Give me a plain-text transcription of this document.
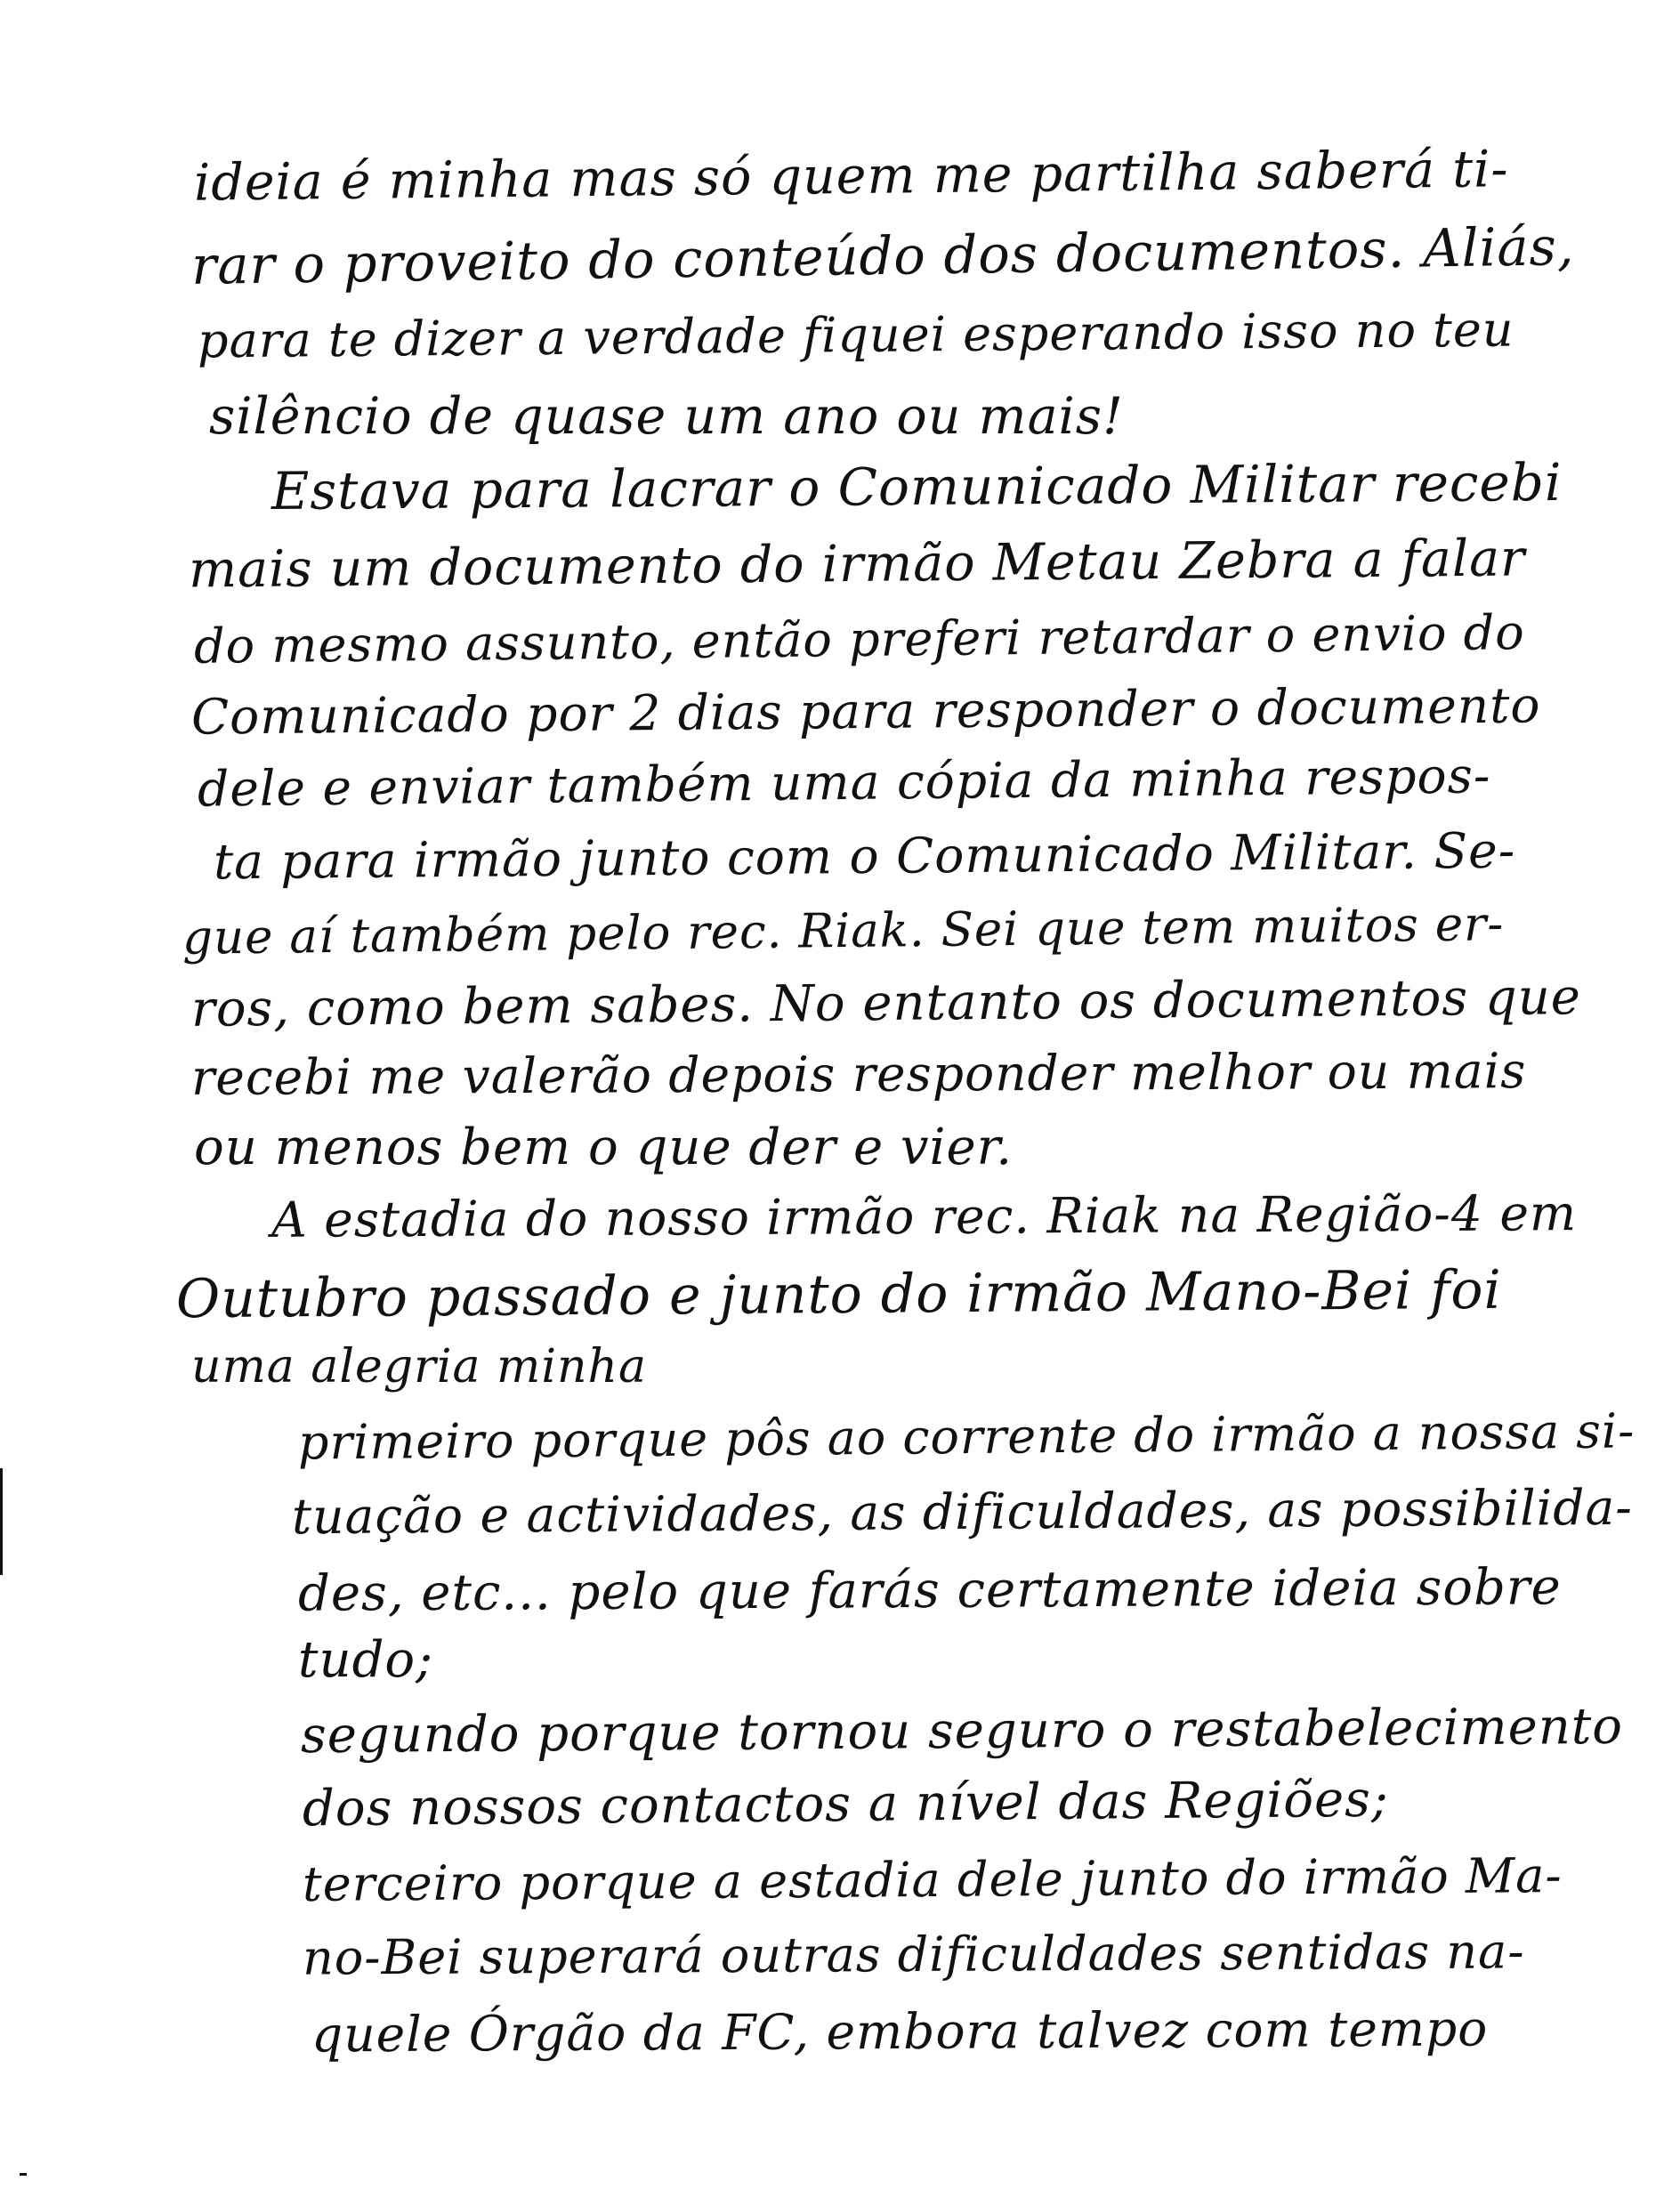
ideia é minha mas só quem me partilha saberá ti-
rar o proveito do conteúdo dos documentos. Aliás,
para te dizer a verdade fiquei esperando isso no teu
silêncio de quase um ano ou mais!
Estava para lacrar o Comunicado Militar recebi
mais um documento do irmão Metau Zebra a falar
do mesmo assunto, então preferi retardar o envio do
Comunicado por 2 dias para responder o documento
dele e enviar também uma cópia da minha respos-
ta para irmão junto com o Comunicado Militar. Se-
gue aí também pelo rec. Riak. Sei que tem muitos er-
ros, como bem sabes. No entanto os documentos que
recebi me valerão depois responder melhor ou mais
ou menos bem o que der e vier.
A estadia do nosso irmão rec. Riak na Região-4 em
Outubro passado e junto do irmão Mano-Bei foi
uma alegria minha
primeiro porque pôs ao corrente do irmão a nossa si-
tuação e actividades, as dificuldades, as possibilida-
des, etc... pelo que farás certamente ideia sobre
tudo;
segundo porque tornou seguro o restabelecimento
dos nossos contactos a nível das Regiões;
terceiro porque a estadia dele junto do irmão Ma-
no-Bei superará outras dificuldades sentidas na-
quele Órgão da FC, embora talvez com tempo
